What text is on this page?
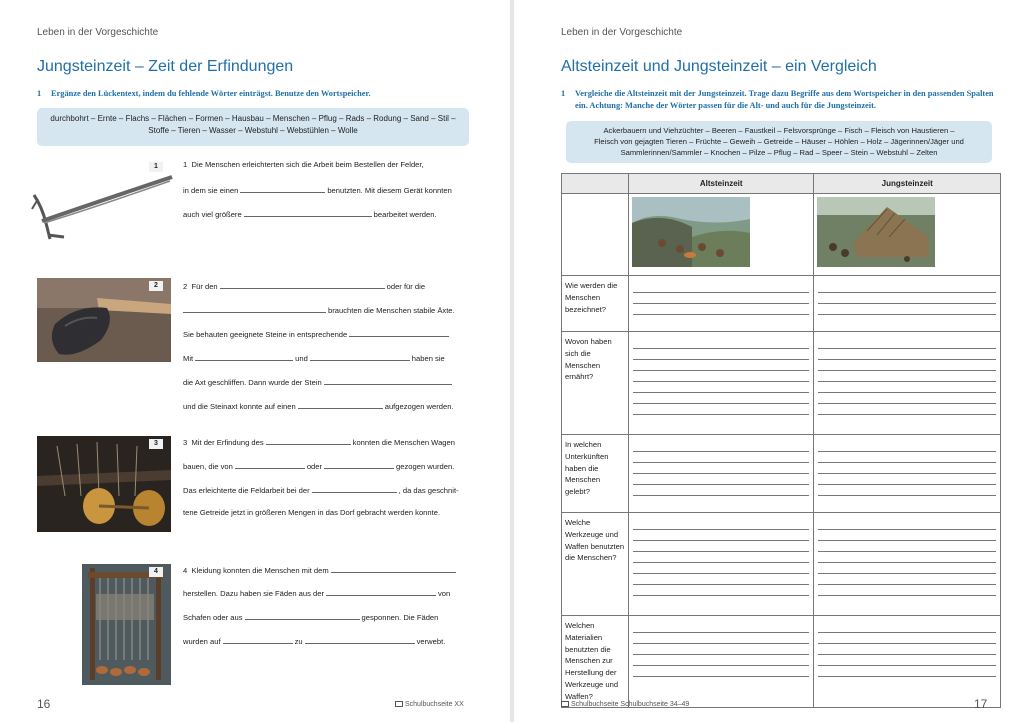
Leben in der Vorgeschichte
Jungsteinzeit – Zeit der Erfindungen
1 Ergänze den Lückentext, indem du fehlende Wörter einträgst. Benutze den Wortspeicher.
durchbohrt – Ernte – Flachs – Flächen – Formen – Hausbau – Menschen – Pflug – Rads – Rodung – Sand – Stil –
Stoffe – Tieren – Wasser – Webstuhl – Webstühlen – Wolle
1	1 Die Menschen erleichterten sich die Arbeit beim Bestellen der Felder,
in dem sie einen	benutzten. Mit diesem Gerät konnten
auch viel größere	bearbeitet werden.
2	2 Für den	oder für die
brauchten die Menschen stabile Äxte.
Sie behauten geeignete Steine in entsprechende
Mit	und	haben sie
die Axt geschliffen. Dann wurde der Stein
und die Steinaxt konnte auf einen	aufgezogen werden.
3	3 Mit der Erfindung des	konnten die Menschen Wagen
bauen, die von	oder	gezogen wurden.
Das erleichterte die Feldarbeit bei der	, da das geschnit-
tene Getreide jetzt in größeren Mengen in das Dorf gebracht werden konnte.
4	4 Kleidung konnten die Menschen mit dem
herstellen. Dazu haben sie Fäden aus der	von
Schafen oder aus	gesponnen. Die Fäden
wurden auf	zu	verwebt.
16	Schulbuchseite XX
Leben in der Vorgeschichte
Altsteinzeit und Jungsteinzeit – ein Vergleich
1 Vergleiche die Altsteinzeit mit der Jungsteinzeit. Trage dazu Begriffe aus dem Wortspeicher in den passenden Spalten
ein. Achtung: Manche der Wörter passen für die Alt- und auch für die Jungsteinzeit.
Ackerbauern und Viehzüchter – Beeren – Faustkeil – Felsvorsprünge – Fisch – Fleisch von Haustieren –
Fleisch von gejagten Tieren – Früchte – Geweih – Getreide – Häuser – Höhlen – Holz – Jägerinnen/Jäger und
Sammlerinnen/Sammler – Knochen – Pilze – Pflug – Rad – Speer – Stein – Webstuhl – Zelten
	Altsteinzeit	Jungsteinzeit

Wie werden die Menschen bezeichnet?	

Wovon haben sich die Menschen ernährt?	

In welchen Unterkünften haben die Menschen gelebt?	

Welche Werkzeuge und Waffen benutzten die Menschen?	

Welchen Materialien benutzten die Menschen zur Herstellung der Werkzeuge und Waffen?	

Schulbuchseite Schulbuchseite 34–49	17
